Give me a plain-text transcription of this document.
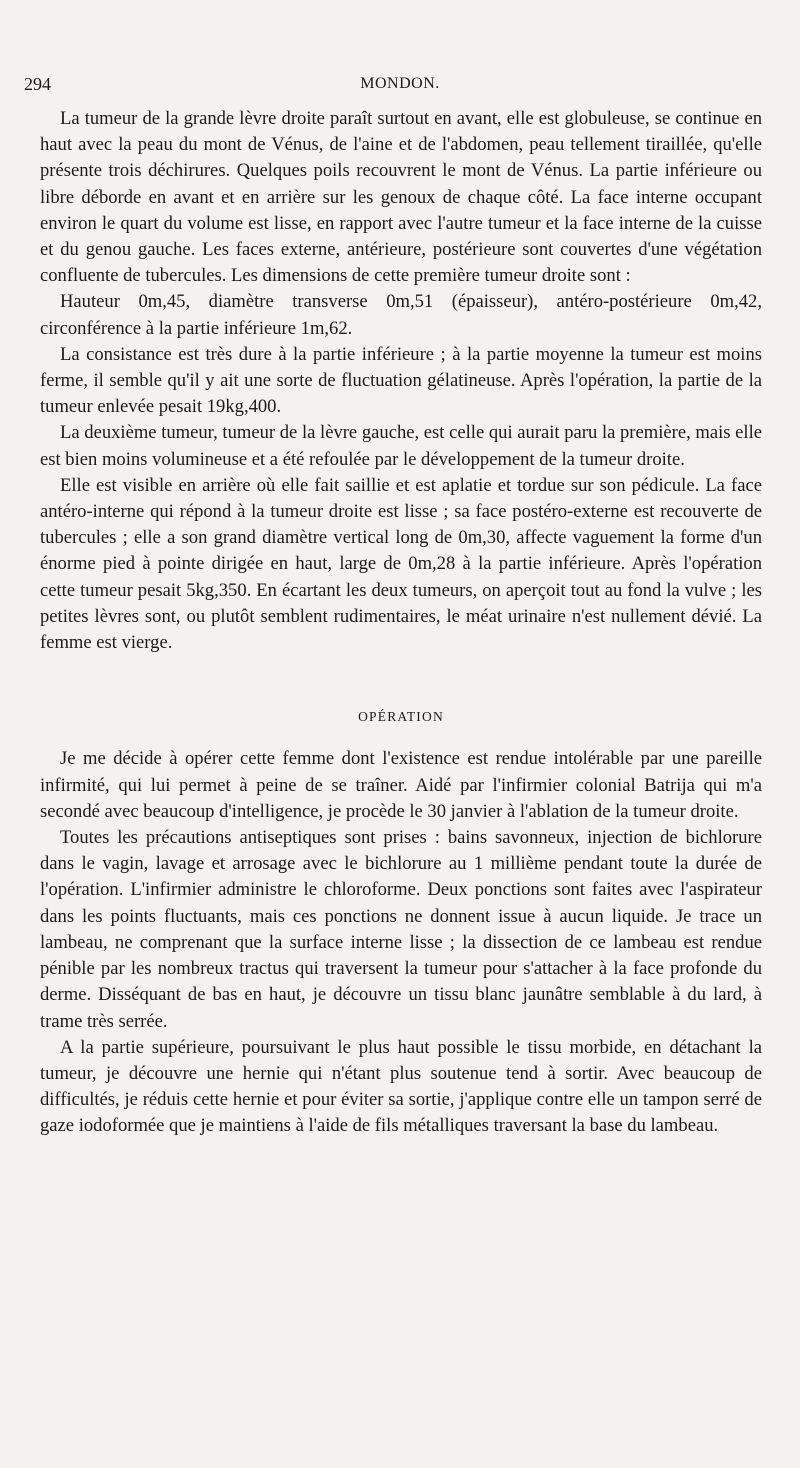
294	MONDON.

La tumeur de la grande lèvre droite paraît surtout en avant, elle est globuleuse, se continue en haut avec la peau du mont de Vénus, de l'aine et de l'abdomen, peau tellement tiraillée, qu'elle présente trois déchirures. Quelques poils recouvrent le mont de Vénus. La partie inférieure ou libre déborde en avant et en arrière sur les genoux de chaque côté. La face interne occupant environ le quart du volume est lisse, en rapport avec l'autre tumeur et la face interne de la cuisse et du genou gauche. Les faces externe, antérieure, postérieure sont couvertes d'une végétation confluente de tubercules. Les dimensions de cette première tumeur droite sont :

Hauteur 0m,45, diamètre transverse 0m,51 (épaisseur), antéro-postérieure 0m,42, circonférence à la partie inférieure 1m,62.

La consistance est très dure à la partie inférieure ; à la partie moyenne la tumeur est moins ferme, il semble qu'il y ait une sorte de fluctuation gélatineuse. Après l'opération, la partie de la tumeur enlevée pesait 19kg,400.

La deuxième tumeur, tumeur de la lèvre gauche, est celle qui aurait paru la première, mais elle est bien moins volumineuse et a été refoulée par le développement de la tumeur droite.

Elle est visible en arrière où elle fait saillie et est aplatie et tordue sur son pédicule. La face antéro-interne qui répond à la tumeur droite est lisse ; sa face postéro-externe est recouverte de tubercules ; elle a son grand diamètre vertical long de 0m,30, affecte vaguement la forme d'un énorme pied à pointe dirigée en haut, large de 0m,28 à la partie inférieure. Après l'opération cette tumeur pesait 5kg,350. En écartant les deux tumeurs, on aperçoit tout au fond la vulve ; les petites lèvres sont, ou plutôt semblent rudimentaires, le méat urinaire n'est nullement dévié. La femme est vierge.

OPÉRATION

Je me décide à opérer cette femme dont l'existence est rendue intolérable par une pareille infirmité, qui lui permet à peine de se traîner. Aidé par l'infirmier colonial Batrija qui m'a secondé avec beaucoup d'intelligence, je procède le 30 janvier à l'ablation de la tumeur droite.

Toutes les précautions antiseptiques sont prises : bains savonneux, injection de bichlorure dans le vagin, lavage et arrosage avec le bichlorure au 1 millième pendant toute la durée de l'opération. L'infirmier administre le chloroforme. Deux ponctions sont faites avec l'aspirateur dans les points fluctuants, mais ces ponctions ne donnent issue à aucun liquide. Je trace un lambeau, ne comprenant que la surface interne lisse ; la dissection de ce lambeau est rendue pénible par les nombreux tractus qui traversent la tumeur pour s'attacher à la face profonde du derme. Disséquant de bas en haut, je découvre un tissu blanc jaunâtre semblable à du lard, à trame très serrée.

A la partie supérieure, poursuivant le plus haut possible le tissu morbide, en détachant la tumeur, je découvre une hernie qui n'étant plus soutenue tend à sortir. Avec beaucoup de difficultés, je réduis cette hernie et pour éviter sa sortie, j'applique contre elle un tampon serré de gaze iodoformée que je maintiens à l'aide de fils métalliques traversant la base du lambeau.
